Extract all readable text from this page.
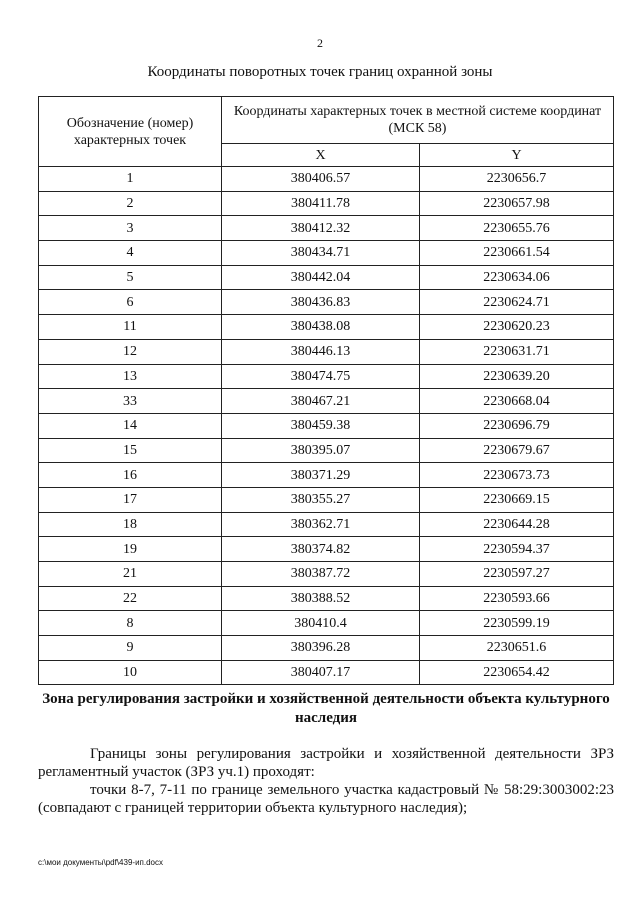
2
Координаты поворотных точек границ охранной зоны
Обозначение (номер) характерных точек	Координаты характерных точек в местной системе координат (МСК 58)	
	X	Y
1	380406.57	2230656.7
2	380411.78	2230657.98
3	380412.32	2230655.76
4	380434.71	2230661.54
5	380442.04	2230634.06
6	380436.83	2230624.71
11	380438.08	2230620.23
12	380446.13	2230631.71
13	380474.75	2230639.20
33	380467.21	2230668.04
14	380459.38	2230696.79
15	380395.07	2230679.67
16	380371.29	2230673.73
17	380355.27	2230669.15
18	380362.71	2230644.28
19	380374.82	2230594.37
21	380387.72	2230597.27
22	380388.52	2230593.66
8	380410.4	2230599.19
9	380396.28	2230651.6
10	380407.17	2230654.42
Зона регулирования застройки и хозяйственной деятельности объекта культурного наследия

Границы зоны регулирования застройки и хозяйственной деятельности ЗРЗ регламентный участок (ЗРЗ уч.1) проходят:

точки 8-7, 7-11 по границе земельного участка кадастровый № 58:29:3003002:23 (совпадают с границей территории объекта культурного наследия);

c:\мои документы\pdf\439-ип.docx
